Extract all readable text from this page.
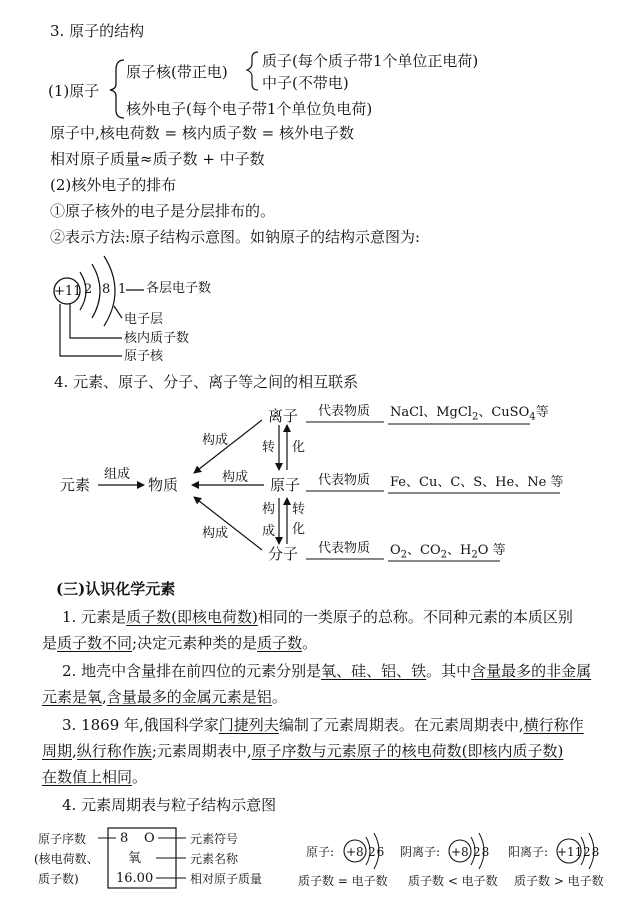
3. 原子的结构
(1)原子
原子核(带正电)
质子(每个质子带1个单位正电荷)
中子(不带电)
核外电子(每个电子带1个单位负电荷)
原子中,核电荷数 = 核内质子数 = 核外电子数
相对原子质量≈质子数 + 中子数
(2)核外电子的排布
①原子核外的电子是分层排布的。
②表示方法:原子结构示意图。如钠原子的结构示意图为:
+11 2 8 1 各层电子数
电子层
核内质子数
原子核
4. 元素、原子、分子、离子等之间的相互联系
元素
组成
物质
构成
构成
构成
离子
原子
分子
转 化
构
成
转
化
代表物质
代表物质
代表物质
NaCl、MgCl$_2$、CuSO$_4$等
Fe、Cu、C、S、He、Ne 等
$O_2$、$CO_2$、$H_2O$ 等
(三)认识化学元素
1. 元素是质子数(即核电荷数)相同的一类原子的总称。不同种元素的本质区别
是质子数不同;决定元素种类的是质子数。
2. 地壳中含量排在前四位的元素分别是氧、硅、铝、铁。其中含量最多的非金属
元素是氧,含量最多的金属元素是铝。
3. 1869 年,俄国科学家门捷列夫编制了元素周期表。在元素周期表中,横行称作
周期,纵行称作族;元素周期表中,原子序数与元素原子的核电荷数(即核内质子数)
在数值上相同。
4. 元素周期表与粒子结构示意图
原子序数
(核电荷数、
质子数)
8 O
氧
16.00
元素符号
元素名称
相对原子质量
原子: +8 26
质子数 = 电子数
阴离子: +8 28
质子数 < 电子数
阳离子: +11 28
质子数 > 电子数
